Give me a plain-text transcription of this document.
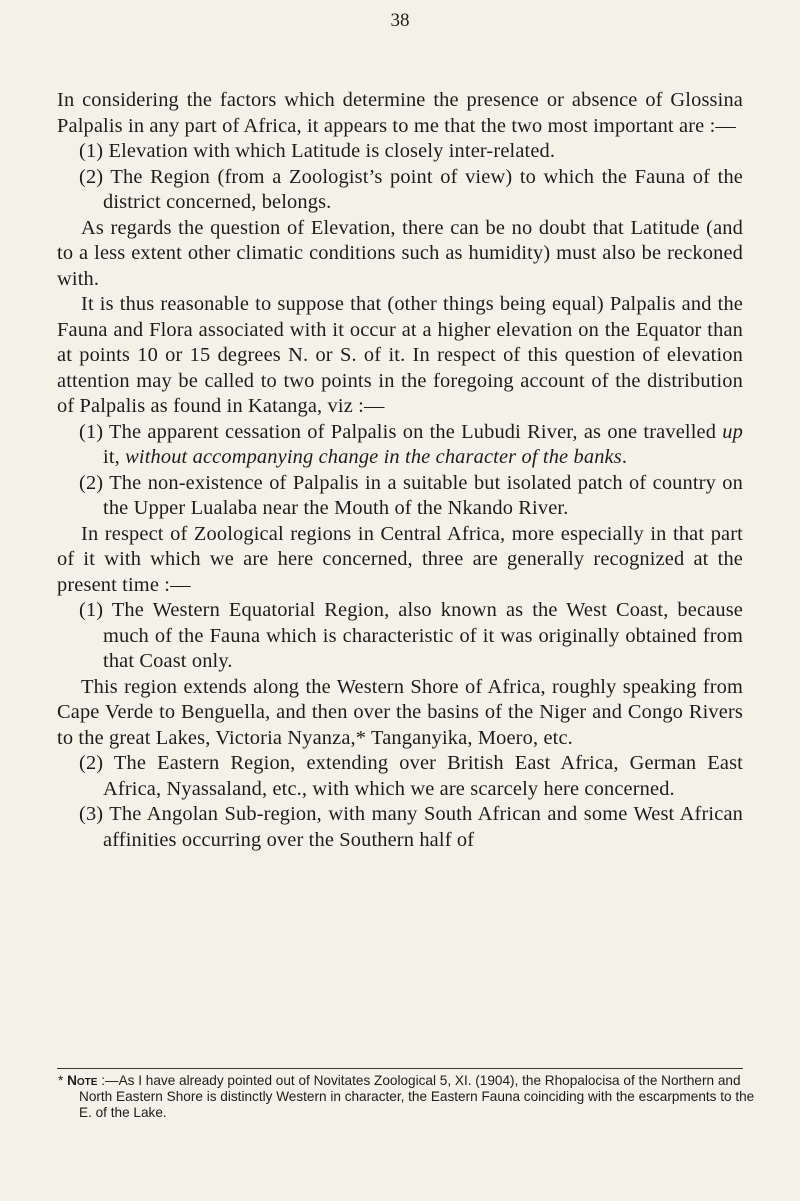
38

In considering the factors which determine the presence or absence of Glossina Palpalis in any part of Africa, it appears to me that the two most important are :—

(1) Elevation with which Latitude is closely inter-related.

(2) The Region (from a Zoologist’s point of view) to which the Fauna of the district concerned, belongs.

As regards the question of Elevation, there can be no doubt that Latitude (and to a less extent other climatic conditions such as humidity) must also be reckoned with.

It is thus reasonable to suppose that (other things being equal) Palpalis and the Fauna and Flora associated with it occur at a higher elevation on the Equator than at points 10 or 15 degrees N. or S. of it. In respect of this question of elevation attention may be called to two points in the foregoing account of the distribution of Palpalis as found in Katanga, viz :—

(1) The apparent cessation of Palpalis on the Lubudi River, as one travelled up it, without accompanying change in the character of the banks.

(2) The non-existence of Palpalis in a suitable but isolated patch of country on the Upper Lualaba near the Mouth of the Nkando River.

In respect of Zoological regions in Central Africa, more especially in that part of it with which we are here concerned, three are generally recognized at the present time :—

(1) The Western Equatorial Region, also known as the West Coast, because much of the Fauna which is characteristic of it was originally obtained from that Coast only.

This region extends along the Western Shore of Africa, roughly speaking from Cape Verde to Benguella, and then over the basins of the Niger and Congo Rivers to the great Lakes, Victoria Nyanza,* Tanganyika, Moero, etc.

(2) The Eastern Region, extending over British East Africa, German East Africa, Nyassaland, etc., with which we are scarcely here concerned.

(3) The Angolan Sub-region, with many South African and some West African affinities occurring over the Southern half of

* Note :—As I have already pointed out of Novitates Zoological 5, XI. (1904), the Rhopalocisa of the Northern and North Eastern Shore is distinctly Western in character, the Eastern Fauna coinciding with the escarpments to the E. of the Lake.
